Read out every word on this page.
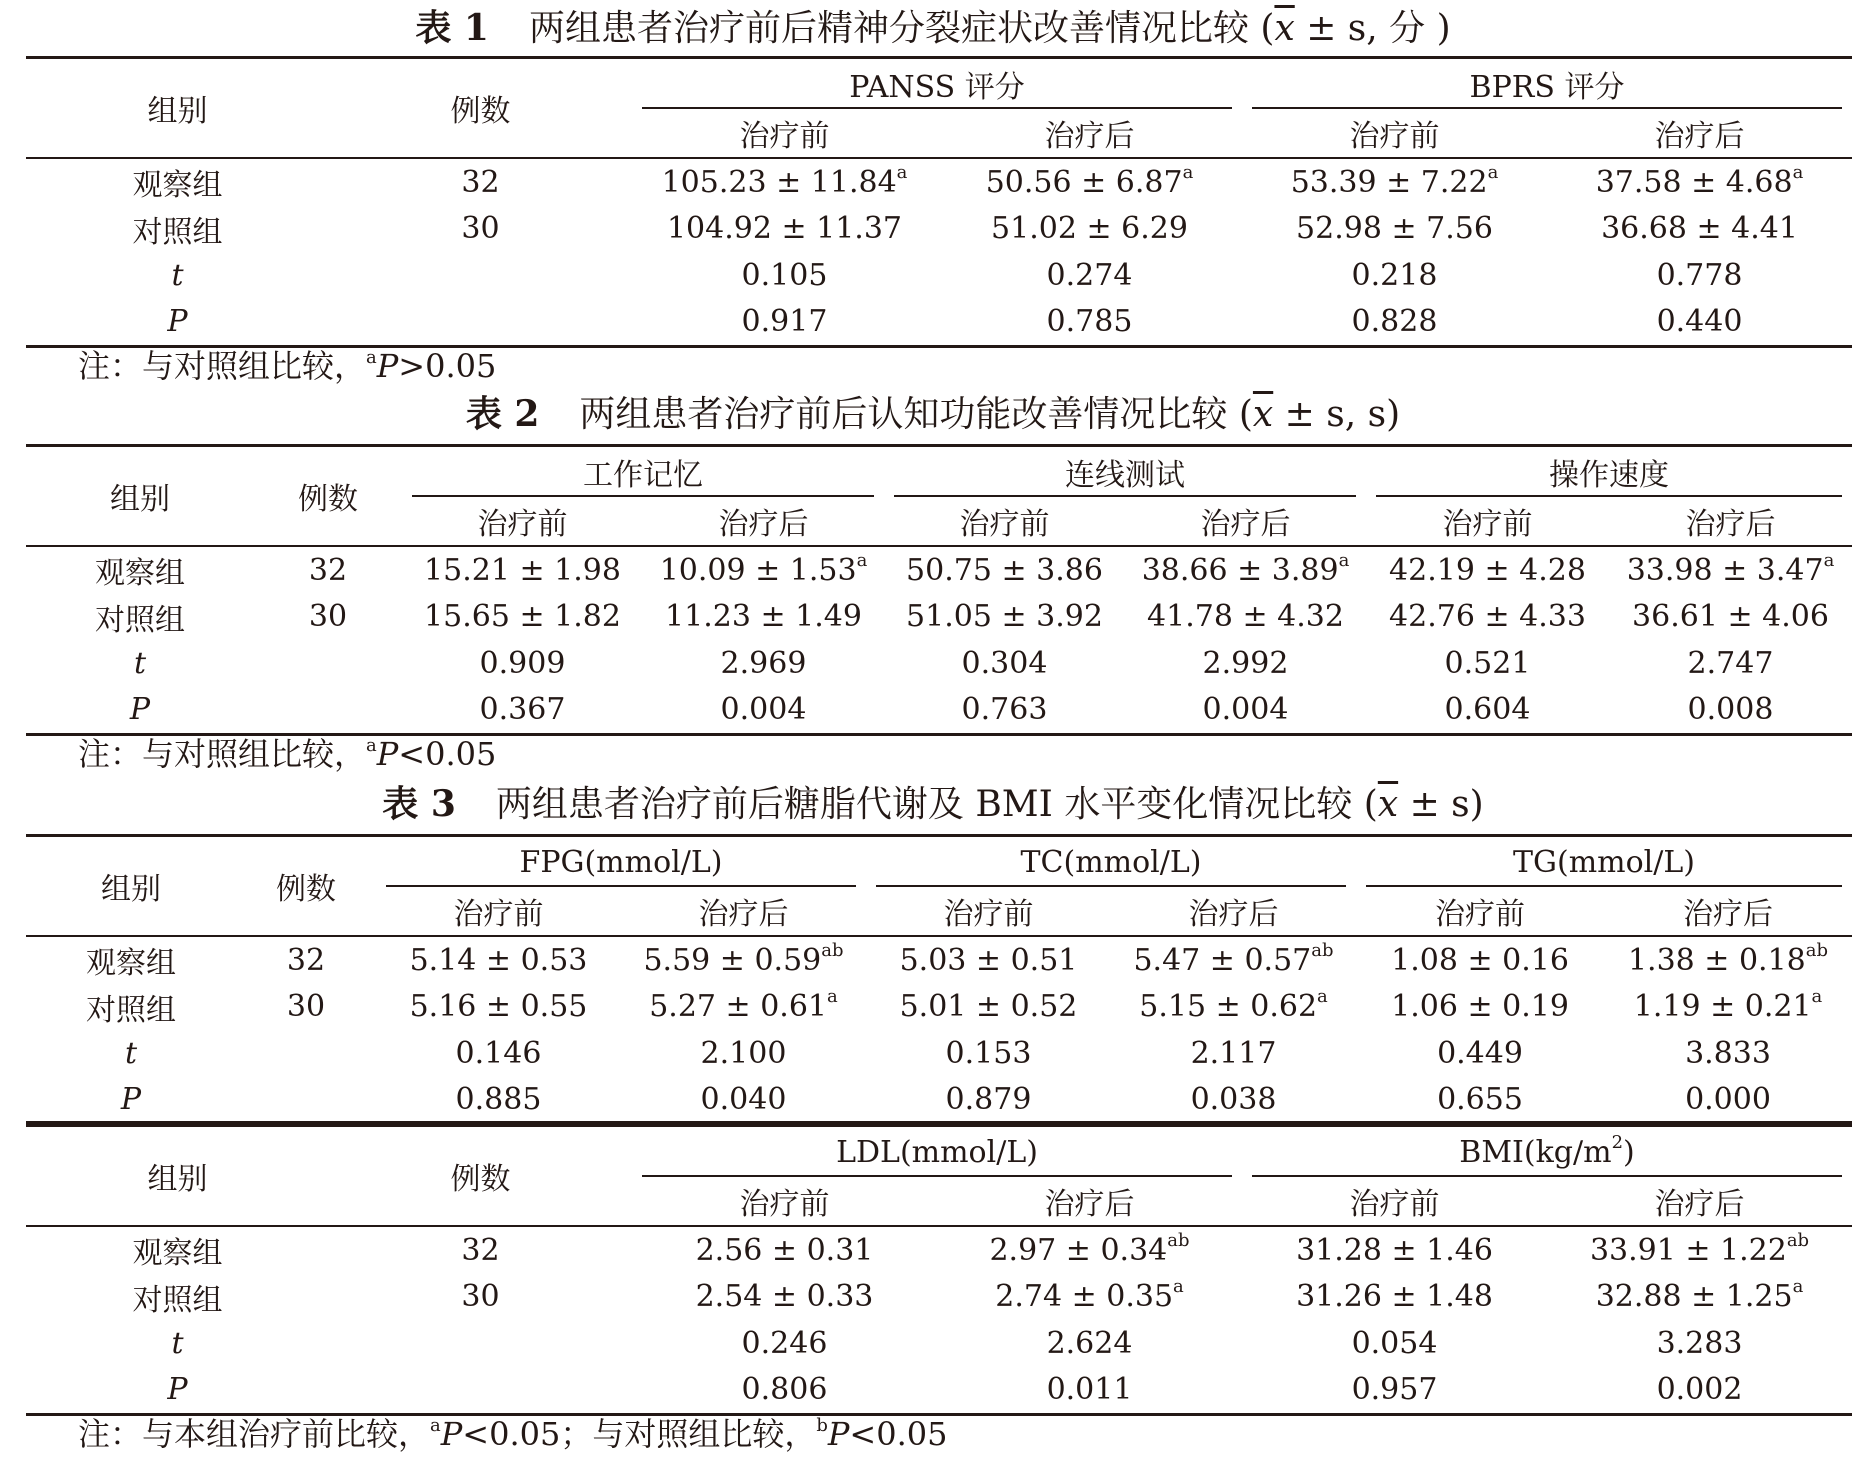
表 1 两组患者治疗前后精神分裂症状改善情况比较 ($\overline{x} \pm s$, 分 )
组别	例数	PANSS 评分		BPRS 评分	
		治疗前	治疗后	治疗前	治疗后
观察组	32	105.23 ± 11.84$^a$	50.56 ± 6.87$^a$	53.39 ± 7.22$^a$	37.58 ± 4.68$^a$
对照组	30	104.92 ± 11.37	51.02 ± 6.29	52.98 ± 7.56	36.68 ± 4.41
t		0.105	0.274	0.218	0.778
P		0.917	0.785	0.828	0.440
注：与对照组比较，$^a$P>0.05
表 2 两组患者治疗前后认知功能改善情况比较 ($\overline{x} \pm s$, s)
组别	例数	工作记忆		连线测试		操作速度	
		治疗前	治疗后	治疗前	治疗后	治疗前	治疗后
观察组	32	15.21 ± 1.98	10.09 ± 1.53$^a$	50.75 ± 3.86	38.66 ± 3.89$^a$	42.19 ± 4.28	33.98 ± 3.47$^a$
对照组	30	15.65 ± 1.82	11.23 ± 1.49	51.05 ± 3.92	41.78 ± 4.32	42.76 ± 4.33	36.61 ± 4.06
t		0.909	2.969	0.304	2.992	0.521	2.747
P		0.367	0.004	0.763	0.004	0.604	0.008
注：与对照组比较，$^a$P<0.05
表 3 两组患者治疗前后糖脂代谢及 BMI 水平变化情况比较 $(\overline{x} \pm s)$
组别	例数	FPG(mmol/L)		TC(mmol/L)		TG(mmol/L)	
		治疗前	治疗后	治疗前	治疗后	治疗前	治疗后
观察组	32	5.14 ± 0.53	5.59 ± 0.59$^{ab}$	5.03 ± 0.51	5.47 ± 0.57$^{ab}$	1.08 ± 0.16	1.38 ± 0.18$^{ab}$
对照组	30	5.16 ± 0.55	5.27 ± 0.61$^a$	5.01 ± 0.52	5.15 ± 0.62$^a$	1.06 ± 0.19	1.19 ± 0.21$^a$
t		0.146	2.100	0.153	2.117	0.449	3.833
P		0.885	0.040	0.879	0.038	0.655	0.000
组别	例数	LDL(mmol/L)		$BMI(kg/m^2)$	
		治疗前	治疗后	治疗前	治疗后
观察组	32	2.56 ± 0.31	2.97 ± 0.34$^{ab}$	31.28 ± 1.46	33.91 ± 1.22$^{ab}$
对照组	30	2.54 ± 0.33	2.74 ± 0.35$^a$	31.26 ± 1.48	32.88 ± 1.25$^a$
t		0.246	2.624	0.054	3.283
P		0.806	0.011	0.957	0.002
注：与本组治疗前比较，$^a$P<0.05；与对照组比较，$^b$P<0.05
